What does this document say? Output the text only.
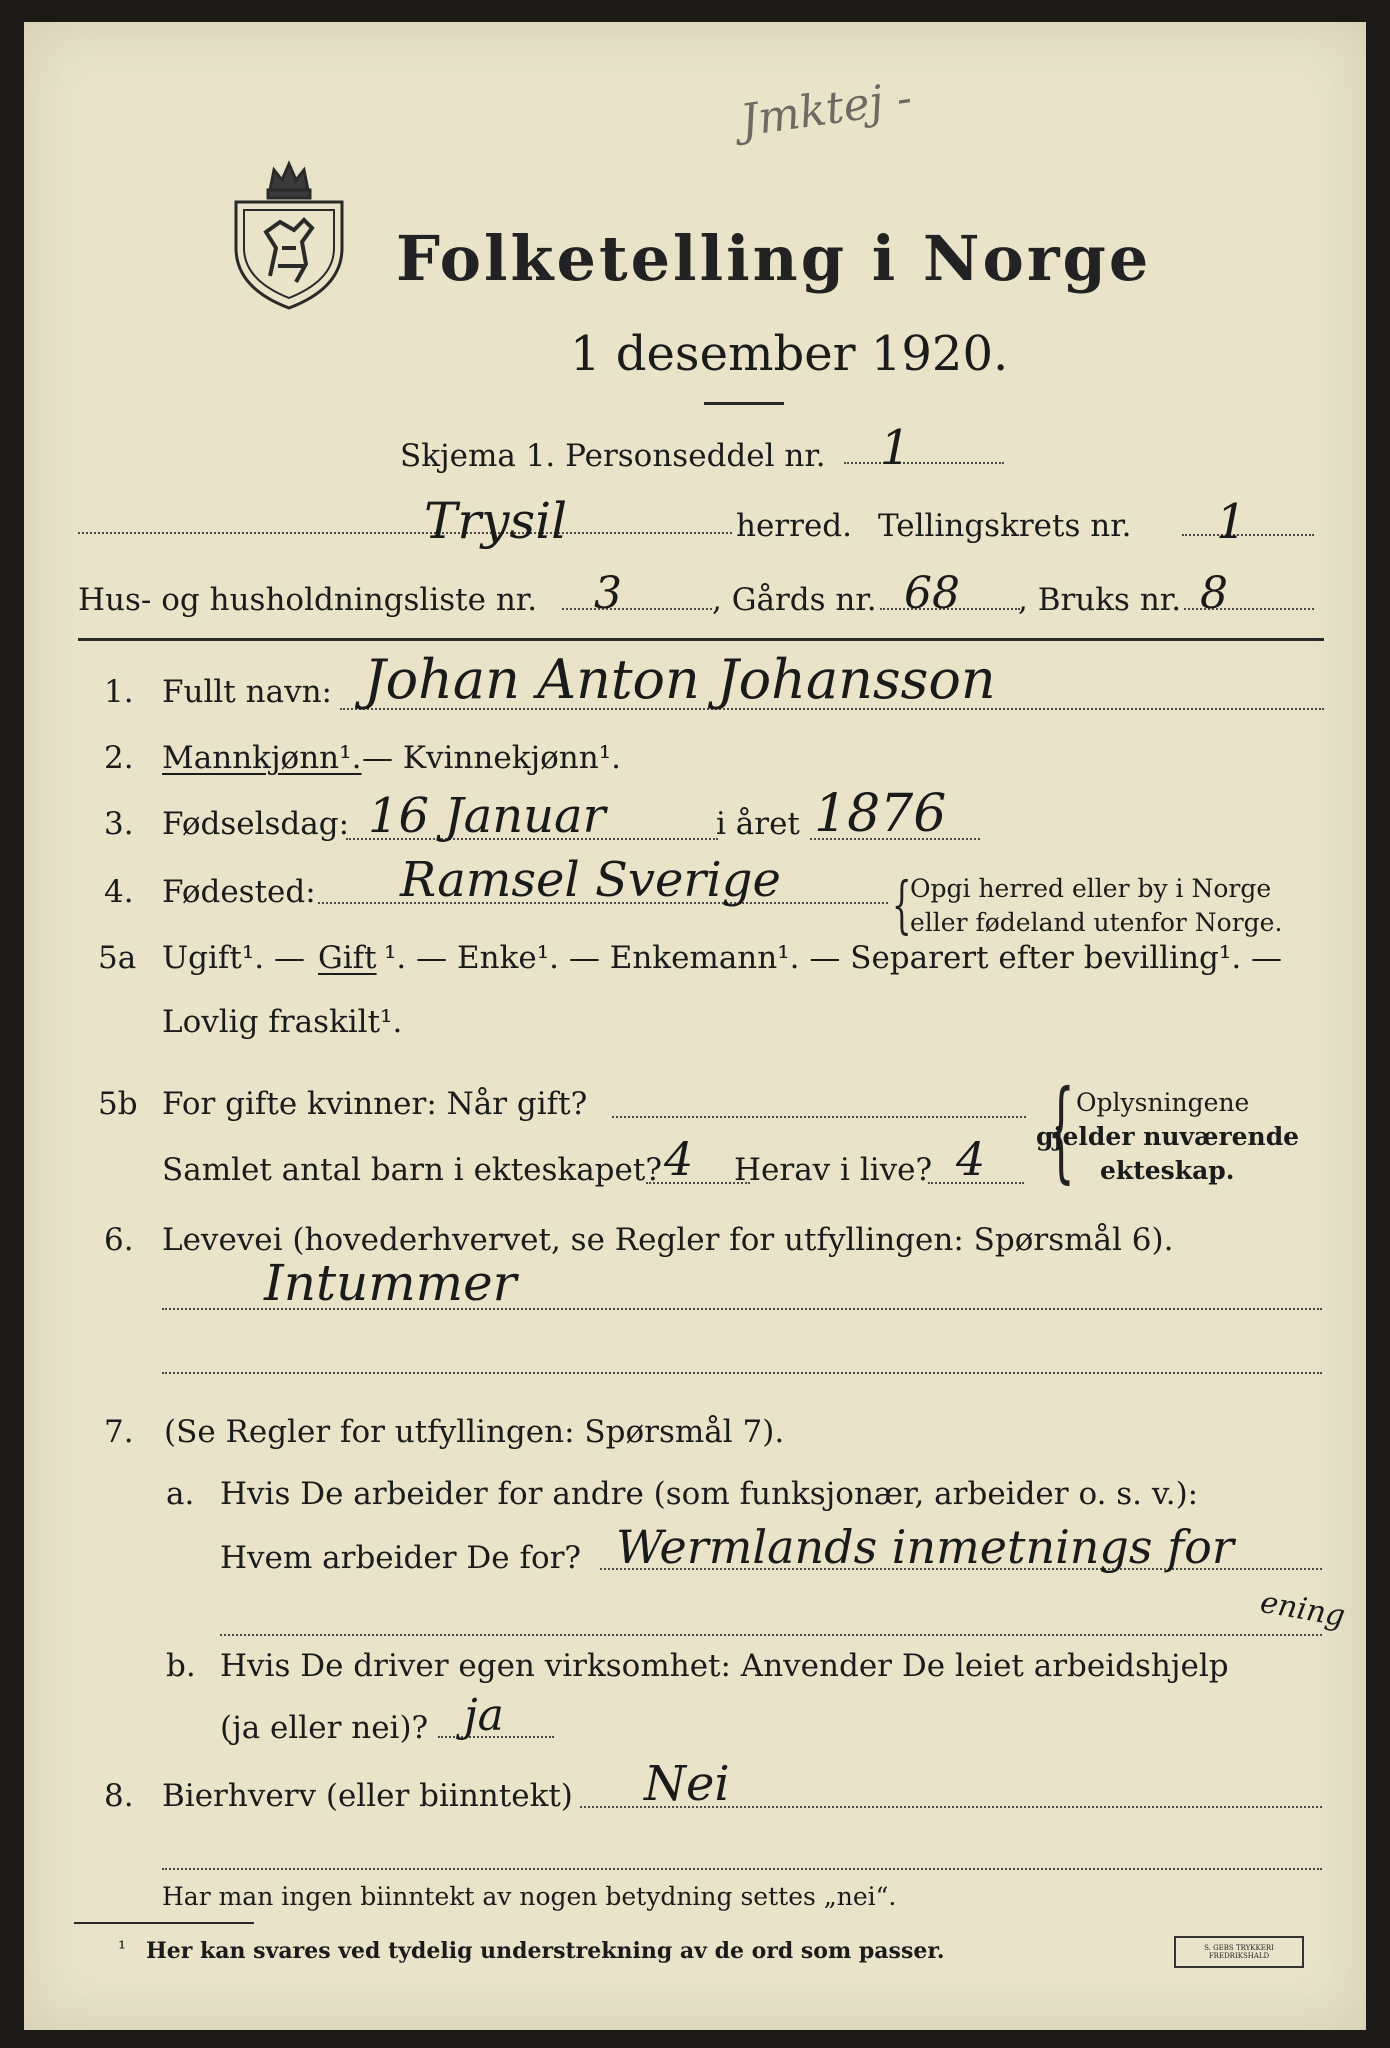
Jmktej -
Folketelling i Norge
1 desember 1920.
Skjema 1. Personseddel nr. 1
Trysil	herred. Tellingskrets nr. 1
Hus- og husholdningsliste nr. 3	, Gårds nr. 68 , Bruks nr. 8
1. Fullt navn: Johan Anton Johansson
2. Mannkjønn¹. — Kvinnekjønn¹.
3. Fødselsdag: 16 Januar	i året 1876
4. Fødested: Ramsel Sverige {
Opgi herred eller by i Norge
eller fødeland utenfor Norge.
5a Ugift¹. — Gift ¹. — Enke¹. — Enkemann¹. — Separert efter bevilling¹. —
Lovlig fraskilt¹.
5b For gifte kvinner: Når gift?
Samlet antal barn i ekteskapet? 4 Herav i live? 4 { Oplysningene
gjelder nuværende
ekteskap.
6. Levevei (hovederhvervet, se Regler for utfyllingen: Spørsmål 6).
Intummer
7. (Se Regler for utfyllingen: Spørsmål 7).
a. Hvis De arbeider for andre (som funksjonær, arbeider o. s. v.):
Hvem arbeider De for? Wermlands inmetnings for
ening
b. Hvis De driver egen virksomhet: Anvender De leiet arbeidshjelp
(ja eller nei)? ja
8. Bierhverv (eller biinntekt) Nei
Har man ingen biinntekt av nogen betydning settes „nei“.
¹ Her kan svares ved tydelig understrekning av de ord som passer.	S. GEBS TRYKKERI FREDRIKSHALD
